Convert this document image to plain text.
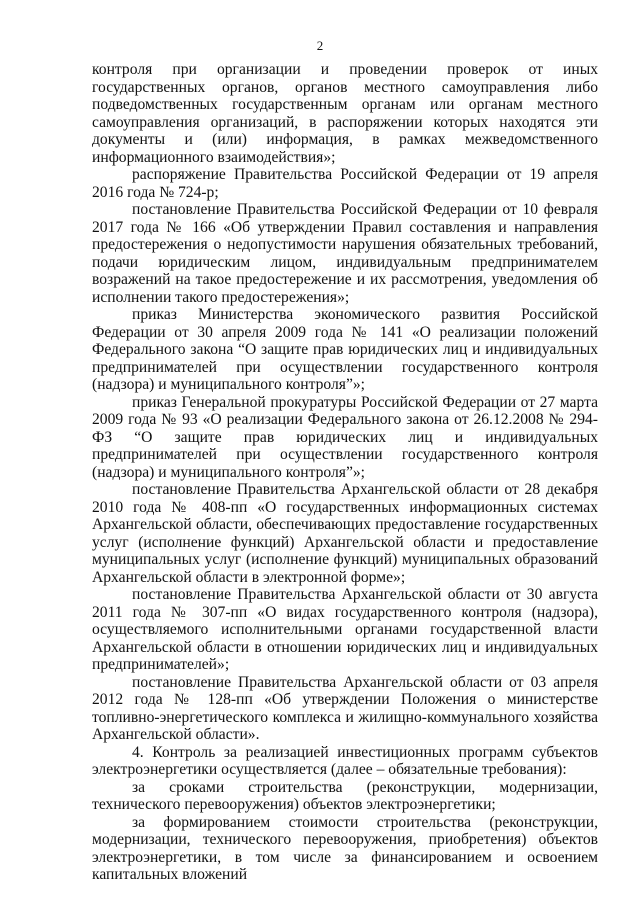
2

контроля при организации и проведении проверок от иных государственных органов, органов местного самоуправления либо подведомственных государственным органам или органам местного самоуправления организаций, в распоряжении которых находятся эти документы и (или) информация, в рамках межведомственного информационного взаимодействия»;

распоряжение Правительства Российской Федерации от 19 апреля 2016 года № 724-р;

постановление Правительства Российской Федерации от 10 февраля 2017 года № 166 «Об утверждении Правил составления и направления предостережения о недопустимости нарушения обязательных требований, подачи юридическим лицом, индивидуальным предпринимателем возражений на такое предостережение и их рассмотрения, уведомления об исполнении такого предостережения»;

приказ Министерства экономического развития Российской Федерации от 30 апреля 2009 года № 141 «О реализации положений Федерального закона “О защите прав юридических лиц и индивидуальных предпринимателей при осуществлении государственного контроля (надзора) и муниципального контроля”»;

приказ Генеральной прокуратуры Российской Федерации от 27 марта 2009 года № 93 «О реализации Федерального закона от 26.12.2008 № 294-ФЗ “О защите прав юридических лиц и индивидуальных предпринимателей при осуществлении государственного контроля (надзора) и муниципального контроля”»;

постановление Правительства Архангельской области от 28 декабря 2010 года № 408-пп «О государственных информационных системах Архангельской области, обеспечивающих предоставление государственных услуг (исполнение функций) Архангельской области и предоставление муниципальных услуг (исполнение функций) муниципальных образований Архангельской области в электронной форме»;

постановление Правительства Архангельской области от 30 августа 2011 года № 307-пп «О видах государственного контроля (надзора), осуществляемого исполнительными органами государственной власти Архангельской области в отношении юридических лиц и индивидуальных предпринимателей»;

постановление Правительства Архангельской области от 03 апреля 2012 года № 128-пп «Об утверждении Положения о министерстве топливно-энергетического комплекса и жилищно-коммунального хозяйства Архангельской области».

4. Контроль за реализацией инвестиционных программ субъектов электроэнергетики осуществляется (далее – обязательные требования):

за сроками строительства (реконструкции, модернизации, технического перевооружения) объектов электроэнергетики;

за формированием стоимости строительства (реконструкции, модернизации, технического перевооружения, приобретения) объектов электроэнергетики, в том числе за финансированием и освоением капитальных вложений
